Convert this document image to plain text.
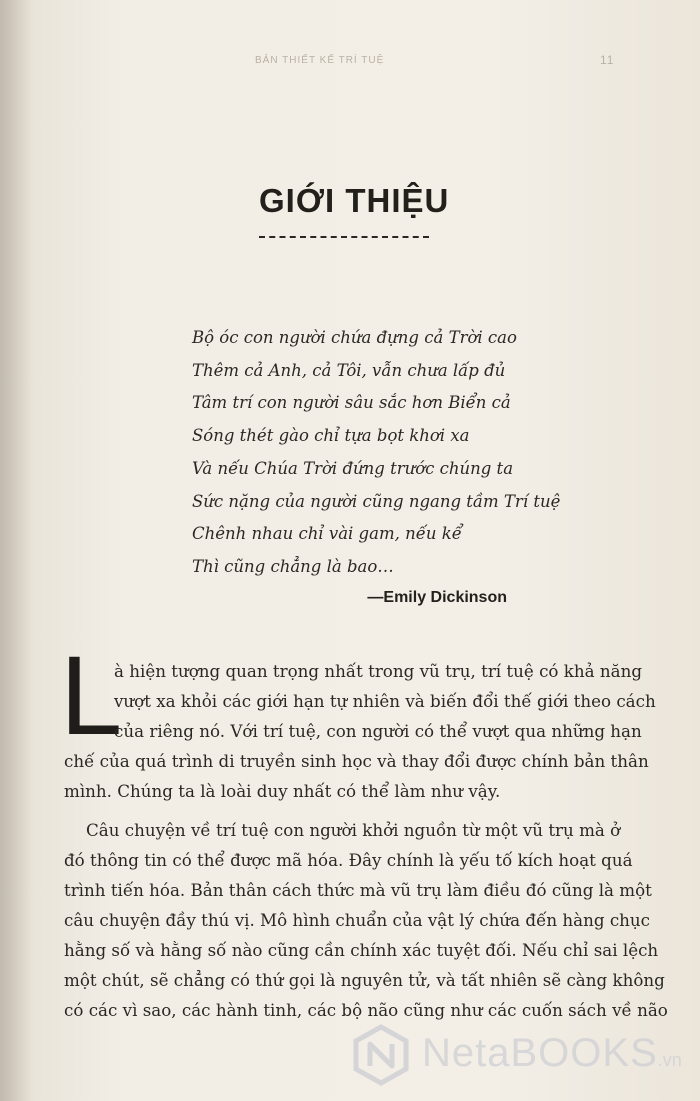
BẢN THIẾT KẾ TRÍ TUỆ	11
GIỚI THIỆU
Bộ óc con người chứa đựng cả Trời cao
Thêm cả Anh, cả Tôi, vẫn chưa lấp đủ
Tâm trí con người sâu sắc hơn Biển cả
Sóng thét gào chỉ tựa bọt khơi xa
Và nếu Chúa Trời đứng trước chúng ta
Sức nặng của người cũng ngang tầm Trí tuệ
Chênh nhau chỉ vài gam, nếu kể
Thì cũng chẳng là bao…
—Emily Dickinson
L
à hiện tượng quan trọng nhất trong vũ trụ, trí tuệ có khả năng
vượt xa khỏi các giới hạn tự nhiên và biến đổi thế giới theo cách
của riêng nó. Với trí tuệ, con người có thể vượt qua những hạn
chế của quá trình di truyền sinh học và thay đổi được chính bản thân
mình. Chúng ta là loài duy nhất có thể làm như vậy.
Câu chuyện về trí tuệ con người khởi nguồn từ một vũ trụ mà ở
đó thông tin có thể được mã hóa. Đây chính là yếu tố kích hoạt quá
trình tiến hóa. Bản thân cách thức mà vũ trụ làm điều đó cũng là một
câu chuyện đầy thú vị. Mô hình chuẩn của vật lý chứa đến hàng chục
hằng số và hằng số nào cũng cần chính xác tuyệt đối. Nếu chỉ sai lệch
một chút, sẽ chẳng có thứ gọi là nguyên tử, và tất nhiên sẽ càng không
có các vì sao, các hành tinh, các bộ não cũng như các cuốn sách về não
NetaBOOKS.vn
